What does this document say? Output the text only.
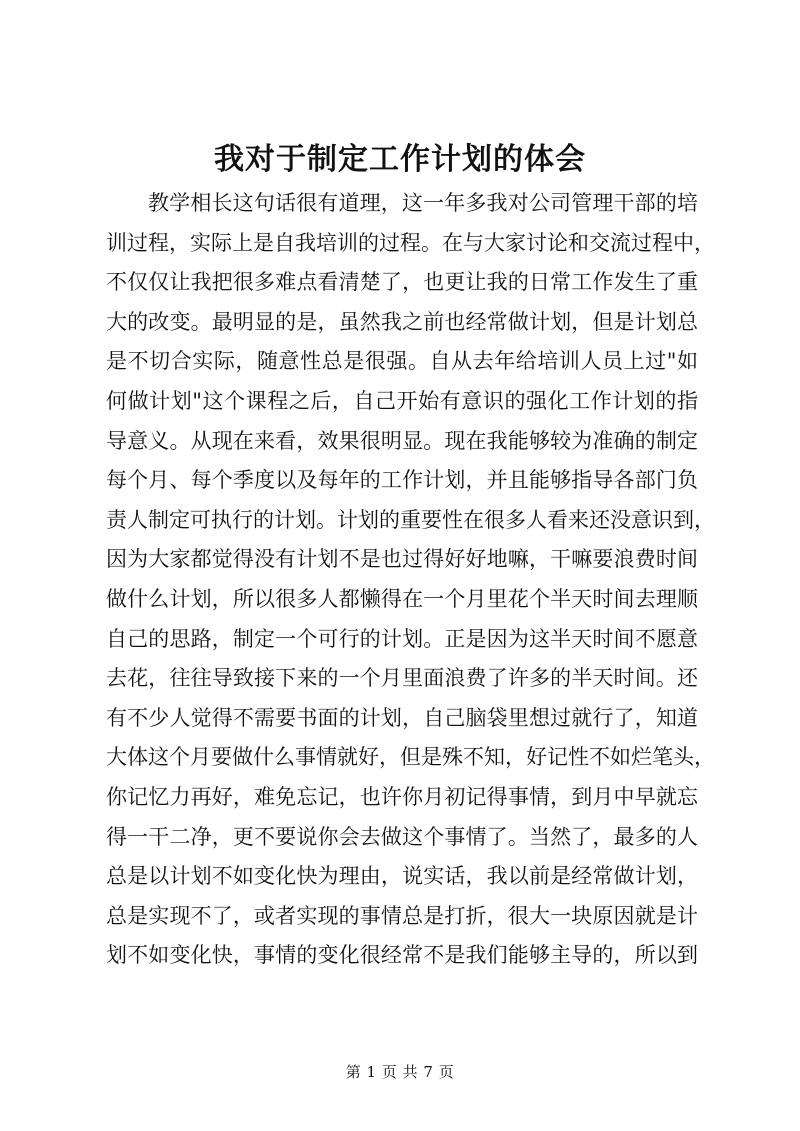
我对于制定工作计划的体会
教学相长这句话很有道理，这一年多我对公司管理干部的培
训过程，实际上是自我培训的过程。在与大家讨论和交流过程中，
不仅仅让我把很多难点看清楚了，也更让我的日常工作发生了重
大的改变。最明显的是，虽然我之前也经常做计划，但是计划总
是不切合实际，随意性总是很强。自从去年给培训人员上过"如
何做计划"这个课程之后，自己开始有意识的强化工作计划的指
导意义。从现在来看，效果很明显。现在我能够较为准确的制定
每个月、每个季度以及每年的工作计划，并且能够指导各部门负
责人制定可执行的计划。计划的重要性在很多人看来还没意识到，
因为大家都觉得没有计划不是也过得好好地嘛，干嘛要浪费时间
做什么计划，所以很多人都懒得在一个月里花个半天时间去理顺
自己的思路，制定一个可行的计划。正是因为这半天时间不愿意
去花，往往导致接下来的一个月里面浪费了许多的半天时间。还
有不少人觉得不需要书面的计划，自己脑袋里想过就行了，知道
大体这个月要做什么事情就好，但是殊不知，好记性不如烂笔头，
你记忆力再好，难免忘记，也许你月初记得事情，到月中早就忘
得一干二净，更不要说你会去做这个事情了。当然了，最多的人
总是以计划不如变化快为理由，说实话，我以前是经常做计划，
总是实现不了，或者实现的事情总是打折，很大一块原因就是计
划不如变化快，事情的变化很经常不是我们能够主导的，所以到
第 1 页 共 7 页
